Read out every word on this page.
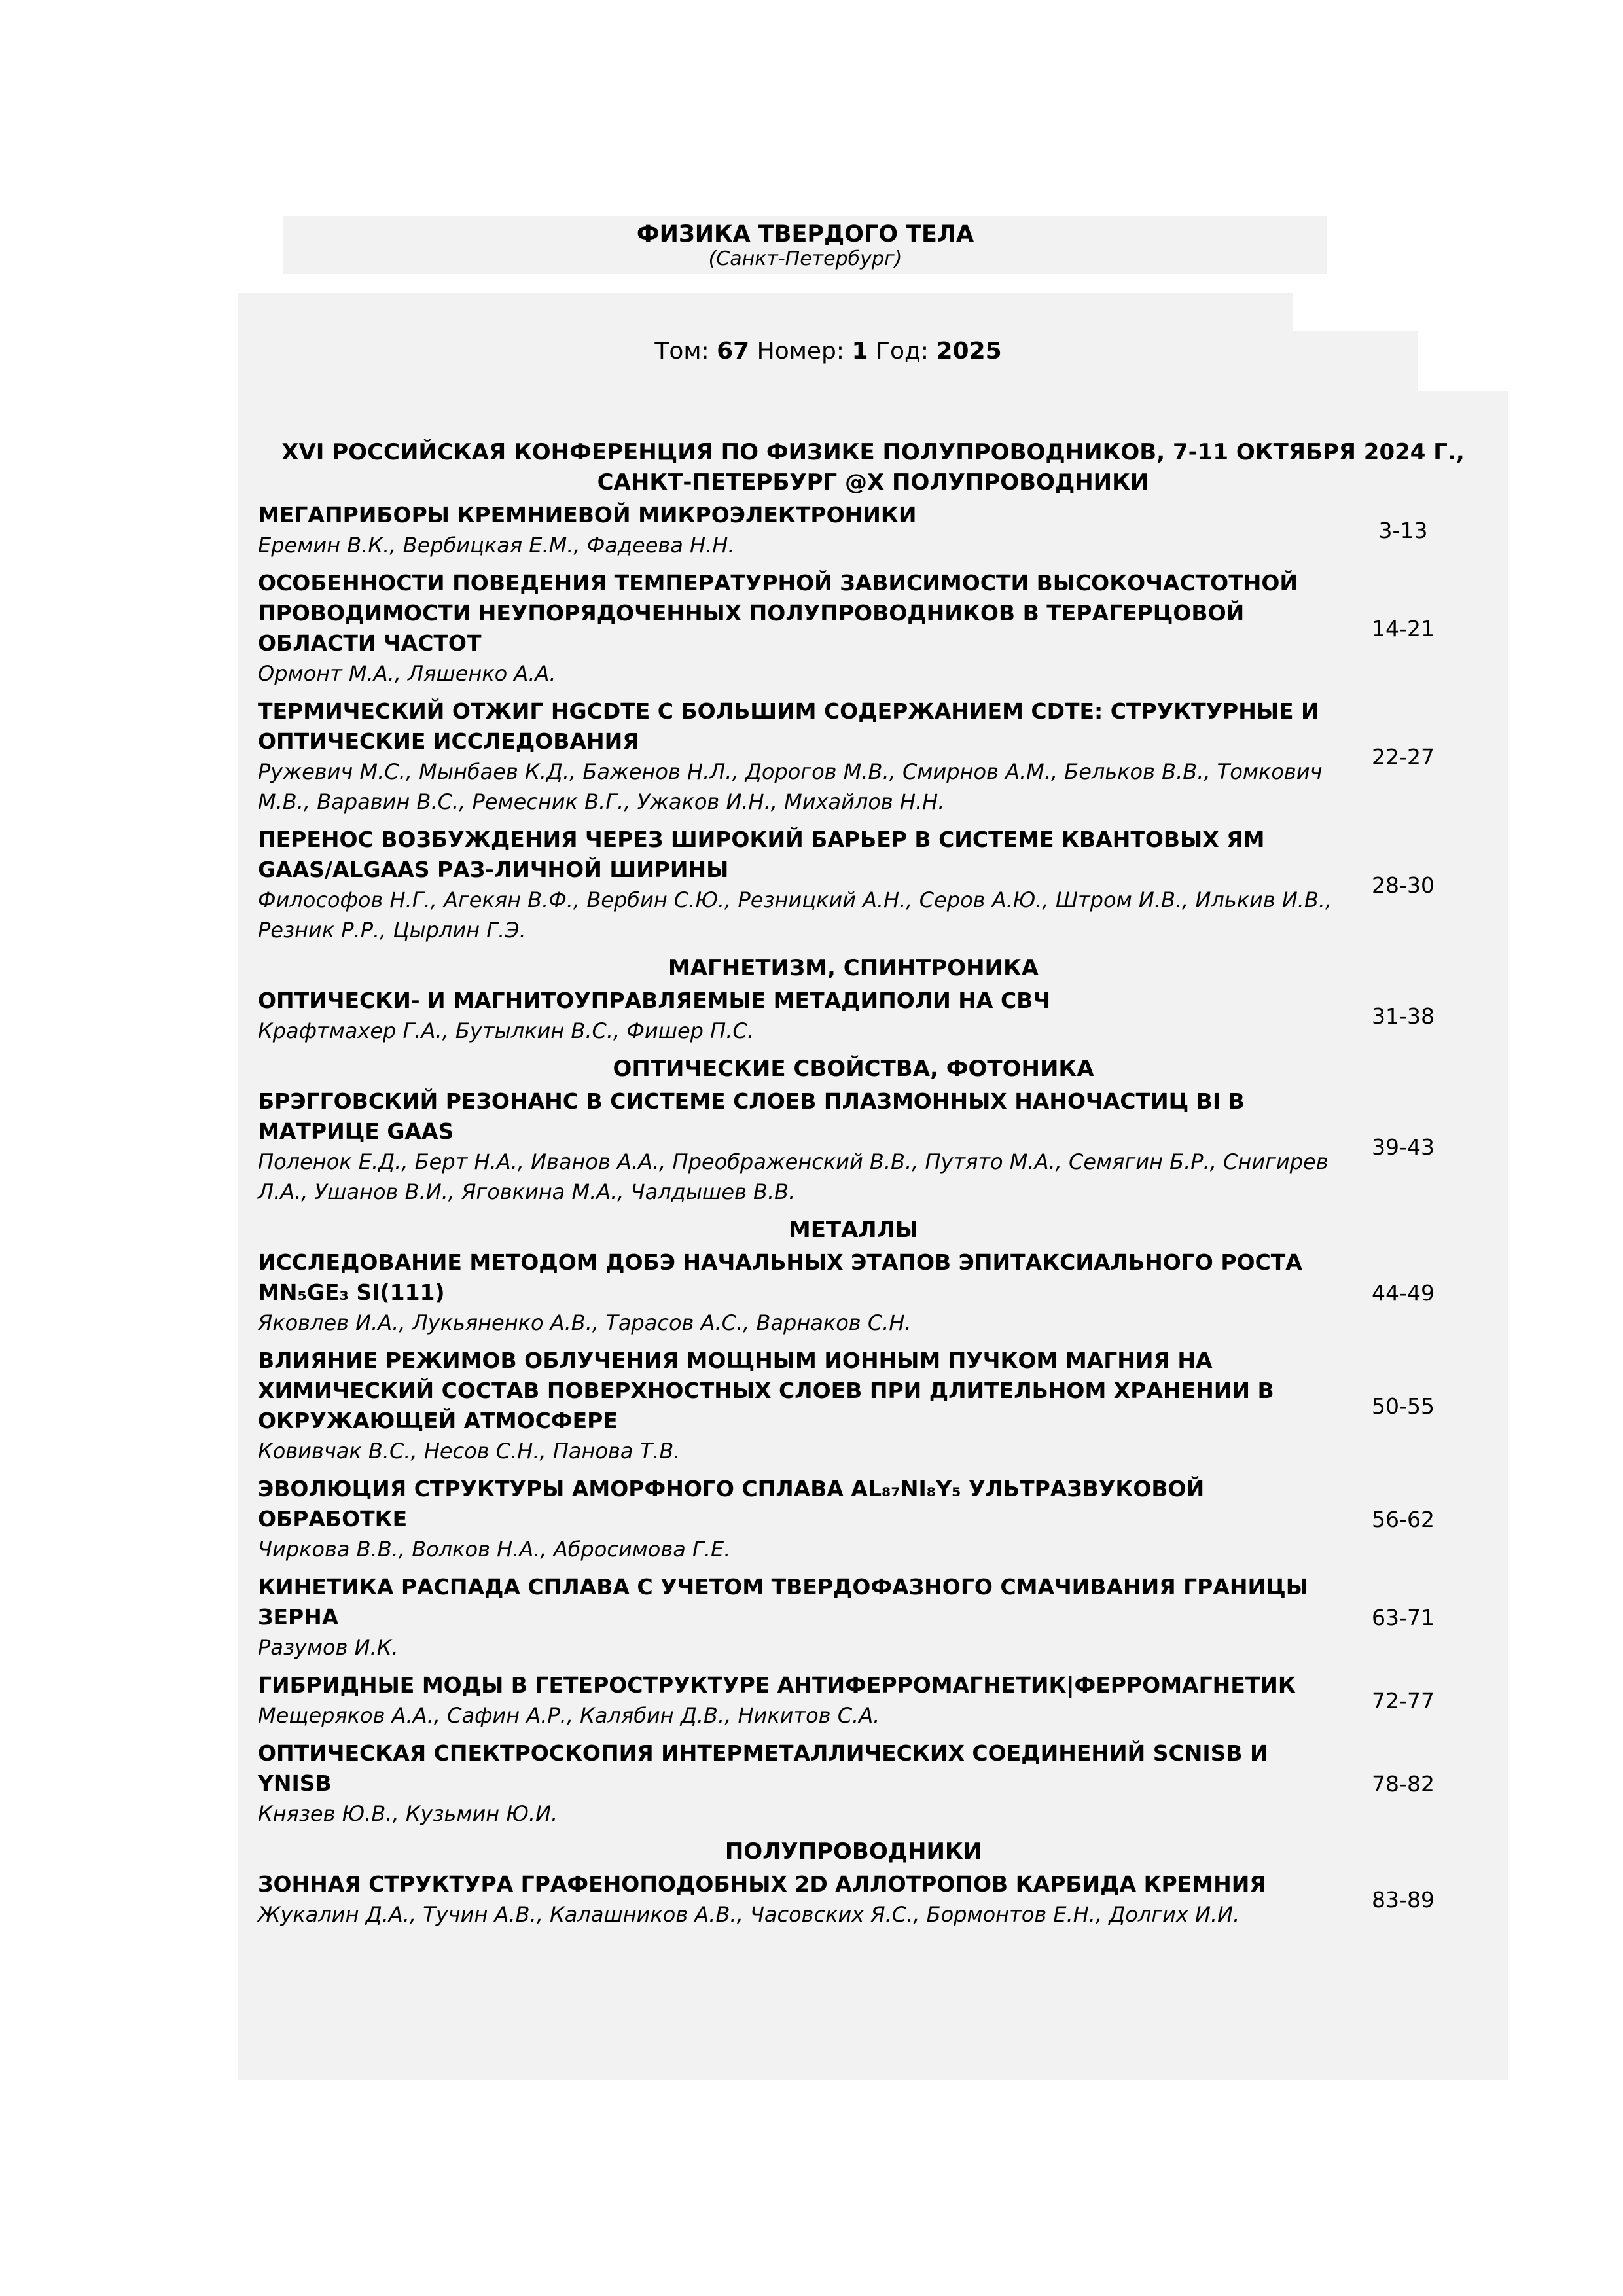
ФИЗИКА ТВЕРДОГО ТЕЛА
(Санкт-Петербург)
Том: 67 Номер: 1 Год: 2025
XVI РОССИЙСКАЯ КОНФЕРЕНЦИЯ ПО ФИЗИКЕ ПОЛУПРОВОДНИКОВ, 7-11 ОКТЯБРЯ 2024 Г., САНКТ-ПЕТЕРБУРГ @X ПОЛУПРОВОДНИКИ
МЕГАПРИБОРЫ КРЕМНИЕВОЙ МИКРОЭЛЕКТРОНИКИ
Еремин В.К., Вербицкая Е.М., Фадеева Н.Н.
3-13
ОСОБЕННОСТИ ПОВЕДЕНИЯ ТЕМПЕРАТУРНОЙ ЗАВИСИМОСТИ ВЫСОКОЧАСТОТНОЙ ПРОВОДИМОСТИ НЕУПОРЯДОЧЕННЫХ ПОЛУПРОВОДНИКОВ В ТЕРАГЕРЦОВОЙ ОБЛАСТИ ЧАСТОТ
Ормонт М.А., Ляшенко А.А.
14-21
ТЕРМИЧЕСКИЙ ОТЖИГ HGCDTE С БОЛЬШИМ СОДЕРЖАНИЕМ CDTE: СТРУКТУРНЫЕ И ОПТИЧЕСКИЕ ИССЛЕДОВАНИЯ
Ружевич М.С., Мынбаев К.Д., Баженов Н.Л., Дорогов М.В., Смирнов А.М., Бельков В.В., Томкович М.В., Варавин В.С., Ремесник В.Г., Ужаков И.Н., Михайлов Н.Н.
22-27
ПЕРЕНОС ВОЗБУЖДЕНИЯ ЧЕРЕЗ ШИРОКИЙ БАРЬЕР В СИСТЕМЕ КВАНТОВЫХ ЯМ GAAS/ALGAAS РАЗ-ЛИЧНОЙ ШИРИНЫ
Философов Н.Г., Агекян В.Ф., Вербин С.Ю., Резницкий А.Н., Серов А.Ю., Штром И.В., Илькив И.В., Резник Р.Р., Цырлин Г.Э.
28-30
МАГНЕТИЗМ, СПИНТРОНИКА
ОПТИЧЕСКИ- И МАГНИТОУПРАВЛЯЕМЫЕ МЕТАДИПОЛИ НА СВЧ
Крафтмахер Г.А., Бутылкин В.С., Фишер П.С.
31-38
ОПТИЧЕСКИЕ СВОЙСТВА, ФОТОНИКА
БРЭГГОВСКИЙ РЕЗОНАНС В СИСТЕМЕ СЛОЕВ ПЛАЗМОННЫХ НАНОЧАСТИЦ BI В МАТРИЦЕ GAAS
Поленок Е.Д., Берт Н.А., Иванов А.А., Преображенский В.В., Путято М.А., Семягин Б.Р., Снигирев Л.А., Ушанов В.И., Яговкина М.А., Чалдышев В.В.
39-43
МЕТАЛЛЫ
ИССЛЕДОВАНИЕ МЕТОДОМ ДОБЭ НАЧАЛЬНЫХ ЭТАПОВ ЭПИТАКСИАЛЬНОГО РОСТА MN₅GE₃ SI(111)
Яковлев И.А., Лукьяненко А.В., Тарасов А.С., Варнаков С.Н.
44-49
ВЛИЯНИЕ РЕЖИМОВ ОБЛУЧЕНИЯ МОЩНЫМ ИОННЫМ ПУЧКОМ МАГНИЯ НА ХИМИЧЕСКИЙ СОСТАВ ПОВЕРХНОСТНЫХ СЛОЕВ ПРИ ДЛИТЕЛЬНОМ ХРАНЕНИИ В ОКРУЖАЮЩЕЙ АТМОСФЕРЕ
Ковивчак В.С., Несов С.Н., Панова Т.В.
50-55
ЭВОЛЮЦИЯ СТРУКТУРЫ АМОРФНОГО СПЛАВА AL₈₇NI₈Y₅ УЛЬТРАЗВУКОВОЙ ОБРАБОТКЕ
Чиркова В.В., Волков Н.А., Абросимова Г.Е.
56-62
КИНЕТИКА РАСПАДА СПЛАВА С УЧЕТОМ ТВЕРДОФАЗНОГО СМАЧИВАНИЯ ГРАНИЦЫ ЗЕРНА
Разумов И.К.
63-71
ГИБРИДНЫЕ МОДЫ В ГЕТЕРОСТРУКТУРЕ АНТИФЕРРОМАГНЕТИК|ФЕРРОМАГНЕТИК
Мещеряков А.А., Сафин А.Р., Калябин Д.В., Никитов С.А.
72-77
ОПТИЧЕСКАЯ СПЕКТРОСКОПИЯ ИНТЕРМЕТАЛЛИЧЕСКИХ СОЕДИНЕНИЙ SCNISB И YNISB
Князев Ю.В., Кузьмин Ю.И.
78-82
ПОЛУПРОВОДНИКИ
ЗОННАЯ СТРУКТУРА ГРАФЕНОПОДОБНЫХ 2D АЛЛОТРОПОВ КАРБИДА КРЕМНИЯ
Жукалин Д.А., Тучин А.В., Калашников А.В., Часовских Я.С., Бормонтов Е.Н., Долгих И.И.
83-89
